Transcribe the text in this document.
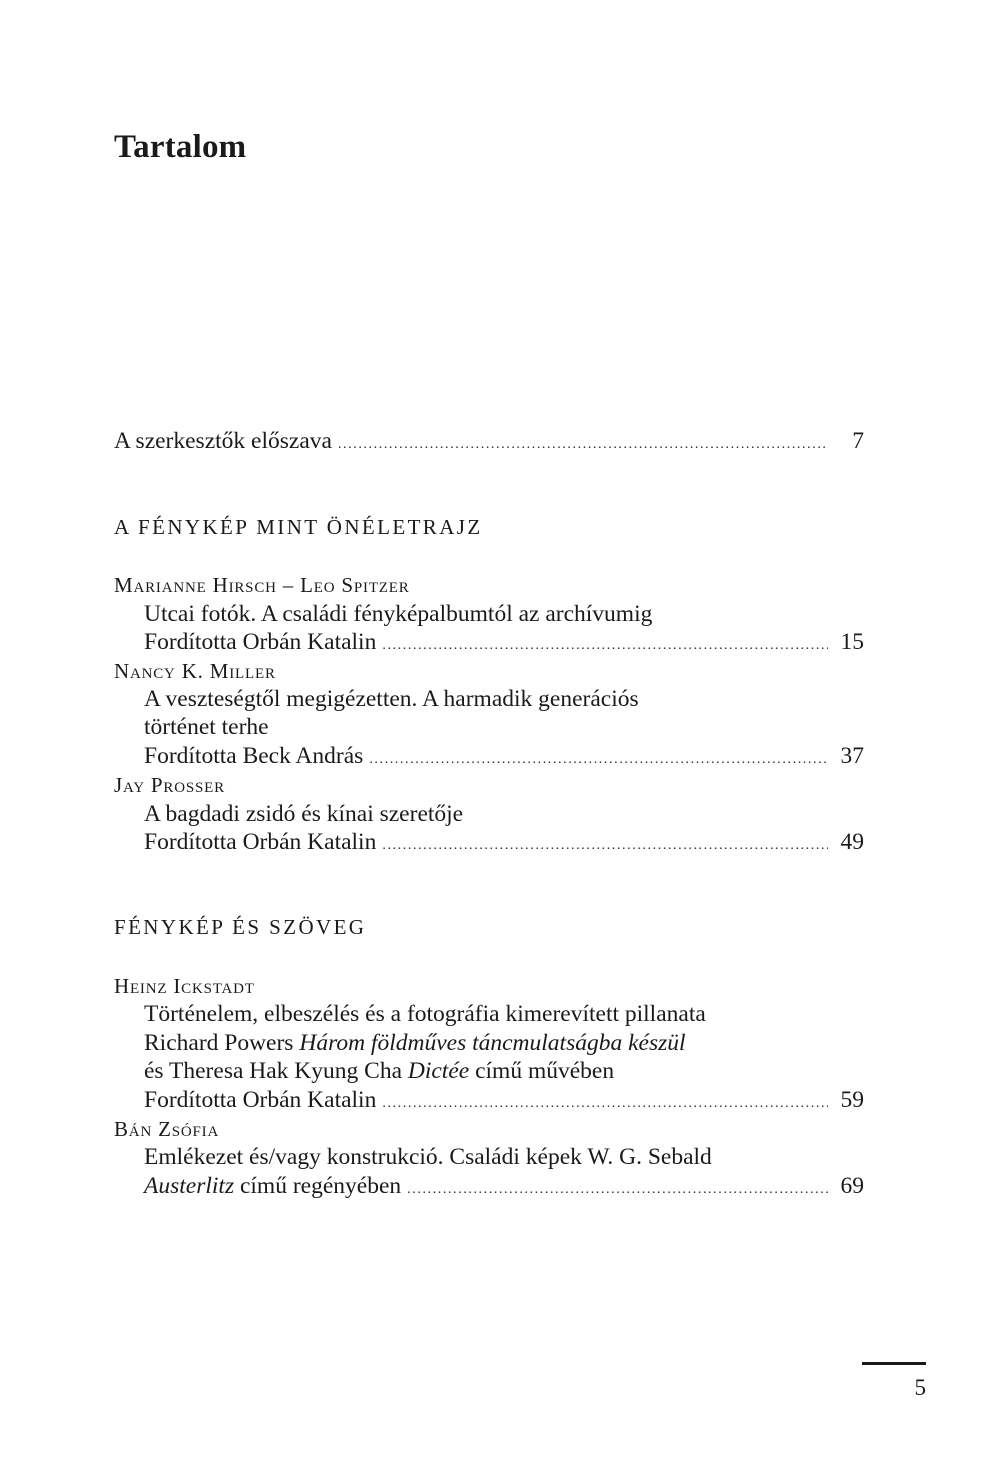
Tartalom
A szerkesztők előszava .....	7
A FÉNYKÉP MINT ÖNÉLETRAJZ
Marianne Hirsch – Leo Spitzer
Utcai fotók. A családi fényképalbumtól az archívumig
Fordította Orbán Katalin .....	15
Nancy K. Miller
A veszteségtől megigézetten. A harmadik generációs
történet terhe
Fordította Beck András .....	37
Jay Prosser
A bagdadi zsidó és kínai szeretője
Fordította Orbán Katalin .....	49
FÉNYKÉP ÉS SZÖVEG
Heinz Ickstadt
Történelem, elbeszélés és a fotográfia kimerevített pillanata
Richard Powers Három földműves táncmulatságba készül
és Theresa Hak Kyung Cha Dictée című művében
Fordította Orbán Katalin .....	59
Bán Zsófia
Emlékezet és/vagy konstrukció. Családi képek W. G. Sebald
Austerlitz című regényében .....	69
5
